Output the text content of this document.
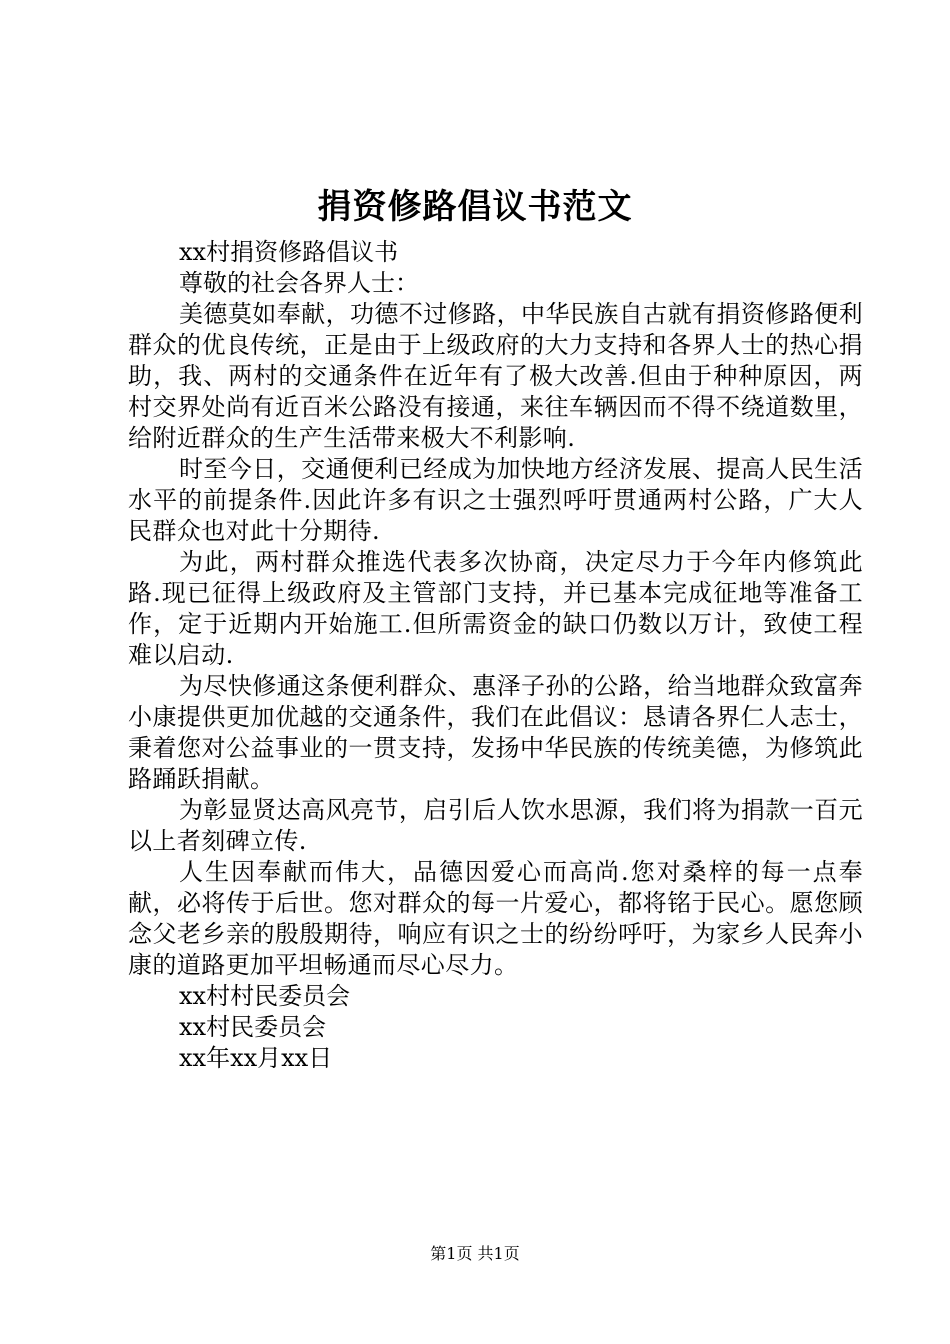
捐资修路倡议书范文

xx村捐资修路倡议书

尊敬的社会各界人士：

美德莫如奉献，功德不过修路，中华民族自古就有捐资修路便利群众的优良传统，正是由于上级政府的大力支持和各界人士的热心捐助，我、两村的交通条件在近年有了极大改善.但由于种种原因，两村交界处尚有近百米公路没有接通，来往车辆因而不得不绕道数里，给附近群众的生产生活带来极大不利影响.

时至今日，交通便利已经成为加快地方经济发展、提高人民生活水平的前提条件.因此许多有识之士强烈呼吁贯通两村公路，广大人民群众也对此十分期待.

为此，两村群众推选代表多次协商，决定尽力于今年内修筑此路.现已征得上级政府及主管部门支持，并已基本完成征地等准备工作，定于近期内开始施工.但所需资金的缺口仍数以万计，致使工程难以启动.

为尽快修通这条便利群众、惠泽子孙的公路，给当地群众致富奔小康提供更加优越的交通条件，我们在此倡议：恳请各界仁人志士，秉着您对公益事业的一贯支持，发扬中华民族的传统美德，为修筑此路踊跃捐献。

为彰显贤达高风亮节，启引后人饮水思源，我们将为捐款一百元以上者刻碑立传.

人生因奉献而伟大，品德因爱心而高尚.您对桑梓的每一点奉献，必将传于后世。您对群众的每一片爱心，都将铭于民心。愿您顾念父老乡亲的殷殷期待，响应有识之士的纷纷呼吁，为家乡人民奔小康的道路更加平坦畅通而尽心尽力。

xx村村民委员会

xx村民委员会

xx年xx月xx日

第1页 共1页
